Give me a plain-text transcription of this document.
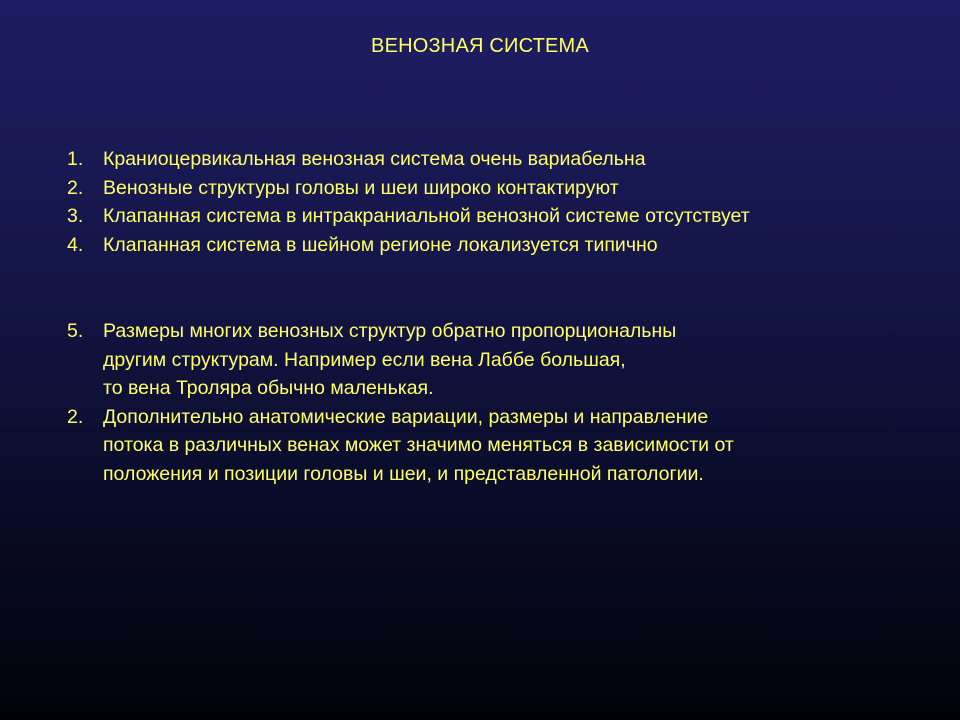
ВЕНОЗНАЯ СИСТЕМА
1.	Краниоцервикальная венозная система очень вариабельна
2.	Венозные структуры головы и шеи широко контактируют
3.	Клапанная система в интракраниальной венозной системе отсутствует
4.	Клапанная система в шейном регионе локализуется типично
5.	Размеры многих венозных структур обратно пропорциональны
другим структурам. Например если вена Лаббе большая,
то вена Троляра обычно маленькая.
2.	Дополнительно анатомические вариации, размеры и направление
потока в различных венах может значимо меняться в зависимости от
положения и позиции головы и шеи, и представленной патологии.
